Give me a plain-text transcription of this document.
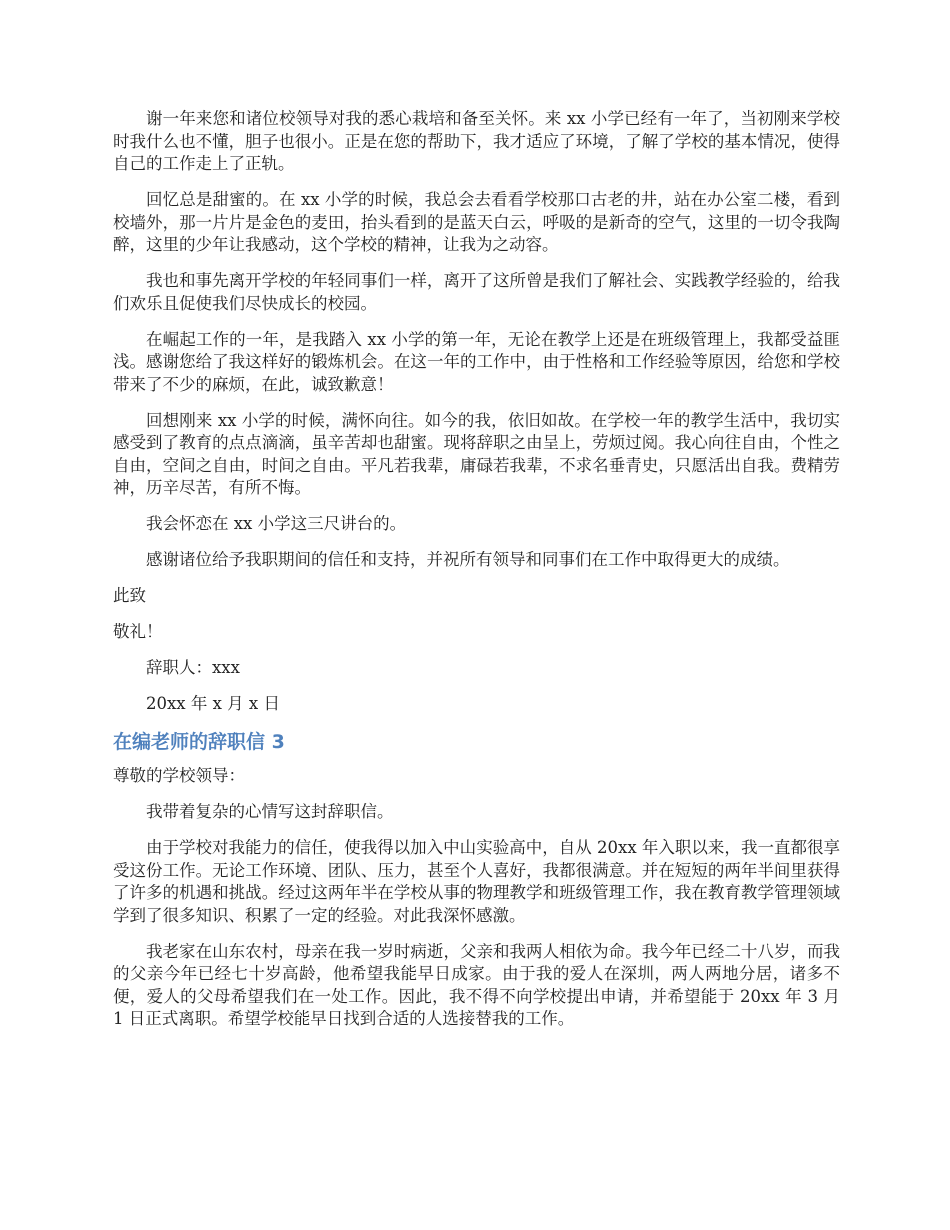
谢一年来您和诸位校领导对我的悉心栽培和备至关怀。来 xx 小学已经有一年了，当初刚来学校时我什么也不懂，胆子也很小。正是在您的帮助下，我才适应了环境，了解了学校的基本情况，使得自己的工作走上了正轨。

回忆总是甜蜜的。在 xx 小学的时候，我总会去看看学校那口古老的井，站在办公室二楼，看到校墙外，那一片片是金色的麦田，抬头看到的是蓝天白云，呼吸的是新奇的空气，这里的一切令我陶醉，这里的少年让我感动，这个学校的精神，让我为之动容。

我也和事先离开学校的年轻同事们一样，离开了这所曾是我们了解社会、实践教学经验的，给我们欢乐且促使我们尽快成长的校园。

在崛起工作的一年，是我踏入 xx 小学的第一年，无论在教学上还是在班级管理上，我都受益匪浅。感谢您给了我这样好的锻炼机会。在这一年的工作中，由于性格和工作经验等原因，给您和学校带来了不少的麻烦，在此，诚致歉意！

回想刚来 xx 小学的时候，满怀向往。如今的我，依旧如故。在学校一年的教学生活中，我切实感受到了教育的点点滴滴，虽辛苦却也甜蜜。现将辞职之由呈上，劳烦过阅。我心向往自由，个性之自由，空间之自由，时间之自由。平凡若我辈，庸碌若我辈，不求名垂青史，只愿活出自我。费精劳神，历辛尽苦，有所不悔。

我会怀恋在 xx 小学这三尺讲台的。

感谢诸位给予我职期间的信任和支持，并祝所有领导和同事们在工作中取得更大的成绩。

此致

敬礼！

辞职人：xxx

20xx 年 x 月 x 日

在编老师的辞职信 3

尊敬的学校领导：

我带着复杂的心情写这封辞职信。

由于学校对我能力的信任，使我得以加入中山实验高中，自从 20xx 年入职以来，我一直都很享受这份工作。无论工作环境、团队、压力，甚至个人喜好，我都很满意。并在短短的两年半间里获得了许多的机遇和挑战。经过这两年半在学校从事的物理教学和班级管理工作，我在教育教学管理领域学到了很多知识、积累了一定的经验。对此我深怀感激。

我老家在山东农村，母亲在我一岁时病逝，父亲和我两人相依为命。我今年已经二十八岁，而我的父亲今年已经七十岁高龄，他希望我能早日成家。由于我的爱人在深圳，两人两地分居，诸多不便，爱人的父母希望我们在一处工作。因此，我不得不向学校提出申请，并希望能于 20xx 年 3 月 1 日正式离职。希望学校能早日找到合适的人选接替我的工作。
